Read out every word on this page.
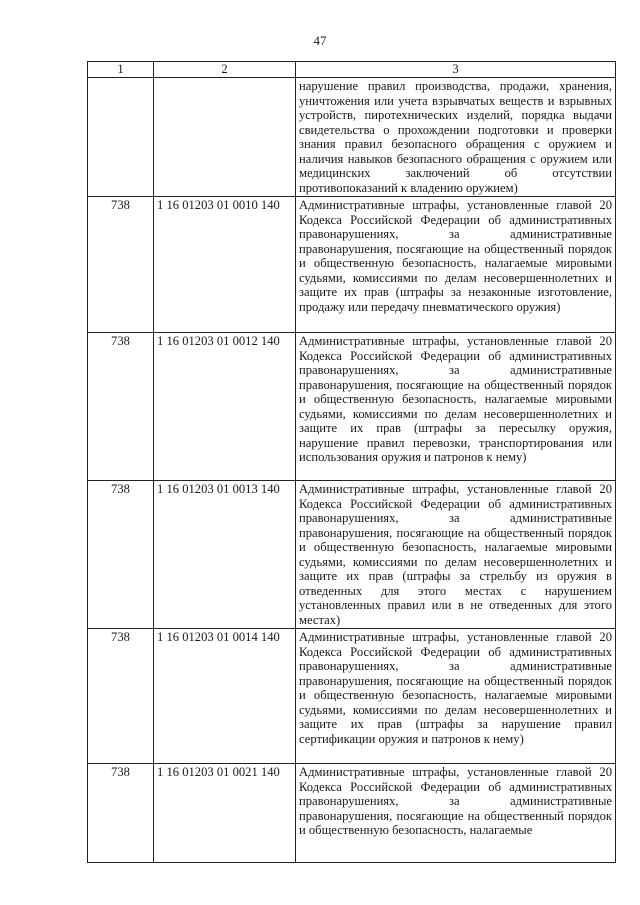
47
1	2	3
		нарушение правил производства, продажи, хранения, уничтожения или учета взрывчатых веществ и взрывных устройств, пиротехнических изделий, порядка выдачи свидетельства о прохождении подготовки и проверки знания правил безопасного обращения с оружием и наличия навыков безопасного обращения с оружием или медицинских заключений об отсутствии противопоказаний к владению оружием)
738	1 16 01203 01 0010 140	Административные штрафы, установленные главой 20 Кодекса Российской Федерации об административных правонарушениях, за административные правонарушения, посягающие на общественный порядок и общественную безопасность, налагаемые мировыми судьями, комиссиями по делам несовершеннолетних и защите их прав (штрафы за незаконные изготовление, продажу или передачу пневматического оружия)
738	1 16 01203 01 0012 140	Административные штрафы, установленные главой 20 Кодекса Российской Федерации об административных правонарушениях, за административные правонарушения, посягающие на общественный порядок и общественную безопасность, налагаемые мировыми судьями, комиссиями по делам несовершеннолетних и защите их прав (штрафы за пересылку оружия, нарушение правил перевозки, транспортирования или использования оружия и патронов к нему)
738	1 16 01203 01 0013 140	Административные штрафы, установленные главой 20 Кодекса Российской Федерации об административных правонарушениях, за административные правонарушения, посягающие на общественный порядок и общественную безопасность, налагаемые мировыми судьями, комиссиями по делам несовершеннолетних и защите их прав (штрафы за стрельбу из оружия в отведенных для этого местах с нарушением установленных правил или в не отведенных для этого местах)
738	1 16 01203 01 0014 140	Административные штрафы, установленные главой 20 Кодекса Российской Федерации об административных правонарушениях, за административные правонарушения, посягающие на общественный порядок и общественную безопасность, налагаемые мировыми судьями, комиссиями по делам несовершеннолетних и защите их прав (штрафы за нарушение правил сертификации оружия и патронов к нему)
738	1 16 01203 01 0021 140	Административные штрафы, установленные главой 20 Кодекса Российской Федерации об административных правонарушениях, за административные правонарушения, посягающие на общественный порядок и общественную безопасность, налагаемые
